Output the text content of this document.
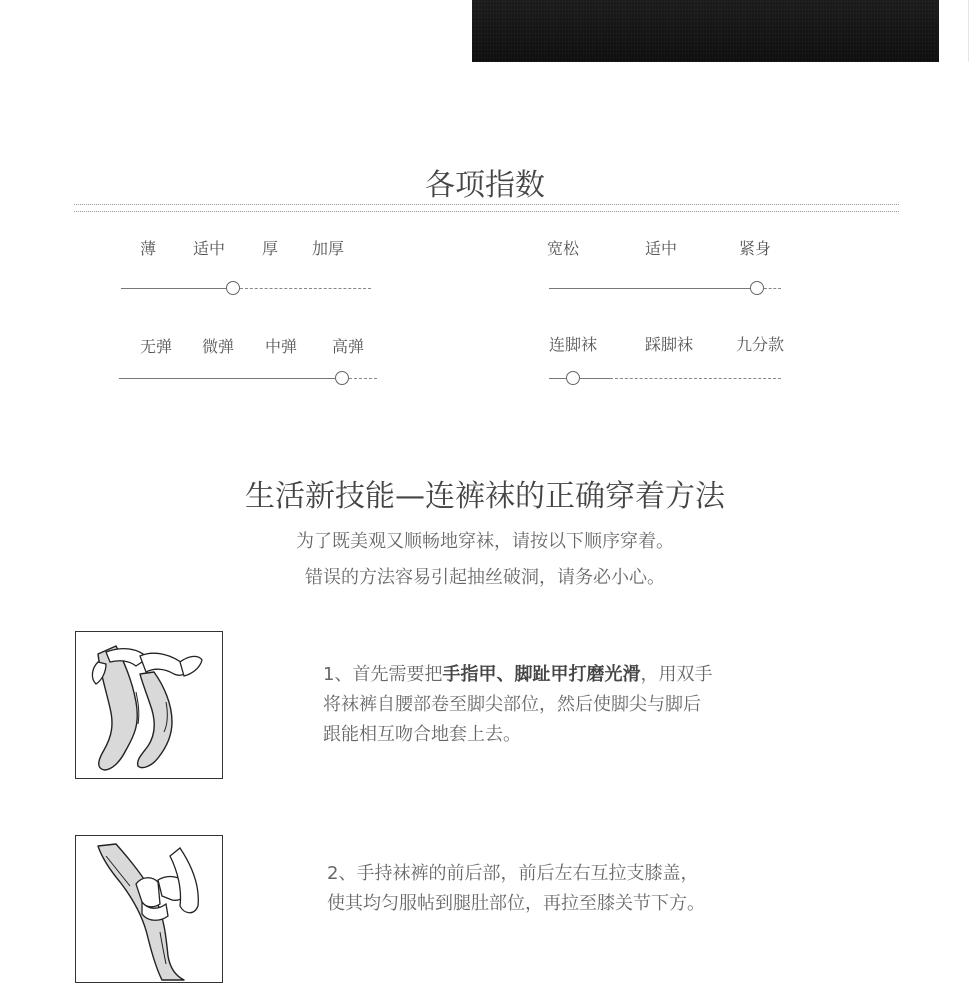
各项指数
薄 适中 厚 加厚	宽松	适中	紧身
无弹 微弹 中弹 高弹	连脚袜	踩脚袜	九分款
生活新技能—连裤袜的正确穿着方法
为了既美观又顺畅地穿袜，请按以下顺序穿着。
错误的方法容易引起抽丝破洞，请务必小心。
1、首先需要把手指甲、脚趾甲打磨光滑，用双手
将袜裤自腰部卷至脚尖部位，然后使脚尖与脚后
跟能相互吻合地套上去。
2、手持袜裤的前后部，前后左右互拉支膝盖，
使其均匀服帖到腿肚部位，再拉至膝关节下方。
